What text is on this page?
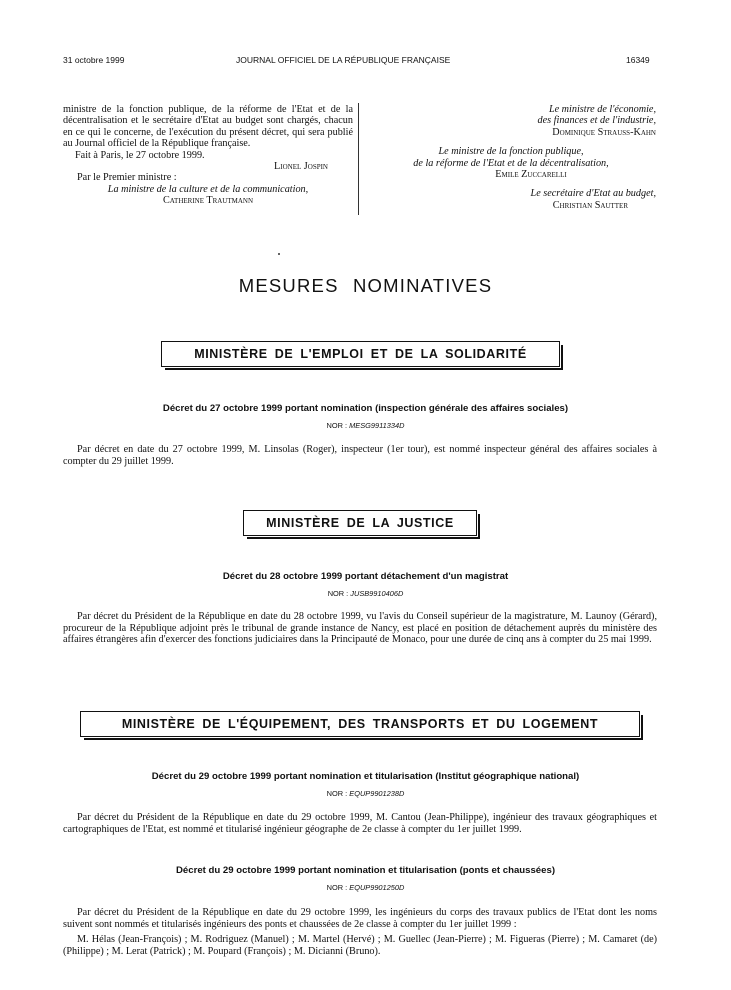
31 octobre 1999	JOURNAL OFFICIEL DE LA RÉPUBLIQUE FRANÇAISE	16349
ministre de la fonction publique, de la réforme de l'Etat et de la décentralisation et le secrétaire d'Etat au budget sont chargés, chacun en ce qui le concerne, de l'exécution du présent décret, qui sera publié au Journal officiel de la République française.
Fait à Paris, le 27 octobre 1999.
Lionel Jospin
Par le Premier ministre :
La ministre de la culture et de la communication,
Catherine Trautmann
Le ministre de l'économie,
des finances et de l'industrie,
Dominique Strauss-Kahn
Le ministre de la fonction publique,
de la réforme de l'Etat et de la décentralisation,
Emile Zuccarelli
Le secrétaire d'Etat au budget,
Christian Sautter
MESURES NOMINATIVES
MINISTÈRE DE L'EMPLOI ET DE LA SOLIDARITÉ
Décret du 27 octobre 1999 portant nomination (inspection générale des affaires sociales)
NOR : MESG9911334D
Par décret en date du 27 octobre 1999, M. Linsolas (Roger), inspecteur (1er tour), est nommé inspecteur général des affaires sociales à compter du 29 juillet 1999.
MINISTÈRE DE LA JUSTICE
Décret du 28 octobre 1999 portant détachement d'un magistrat
NOR : JUSB9910406D
Par décret du Président de la République en date du 28 octobre 1999, vu l'avis du Conseil supérieur de la magistrature, M. Launoy (Gérard), procureur de la République adjoint près le tribunal de grande instance de Nancy, est placé en position de détachement auprès du ministère des affaires étrangères afin d'exercer des fonctions judiciaires dans la Principauté de Monaco, pour une durée de cinq ans à compter du 25 mai 1999.
MINISTÈRE DE L'ÉQUIPEMENT, DES TRANSPORTS ET DU LOGEMENT
Décret du 29 octobre 1999 portant nomination et titularisation (Institut géographique national)
NOR : EQUP9901238D
Par décret du Président de la République en date du 29 octobre 1999, M. Cantou (Jean-Philippe), ingénieur des travaux géographiques et cartographiques de l'Etat, est nommé et titularisé ingénieur géographe de 2e classe à compter du 1er juillet 1999.
Décret du 29 octobre 1999 portant nomination et titularisation (ponts et chaussées)
NOR : EQUP9901250D
Par décret du Président de la République en date du 29 octobre 1999, les ingénieurs du corps des travaux publics de l'Etat dont les noms suivent sont nommés et titularisés ingénieurs des ponts et chaussées de 2e classe à compter du 1er juillet 1999 :
M. Hélas (Jean-François) ; M. Rodriguez (Manuel) ; M. Martel (Hervé) ; M. Guellec (Jean-Pierre) ; M. Figueras (Pierre) ; M. Camaret (de) (Philippe) ; M. Lerat (Patrick) ; M. Poupard (François) ; M. Dicianni (Bruno).
